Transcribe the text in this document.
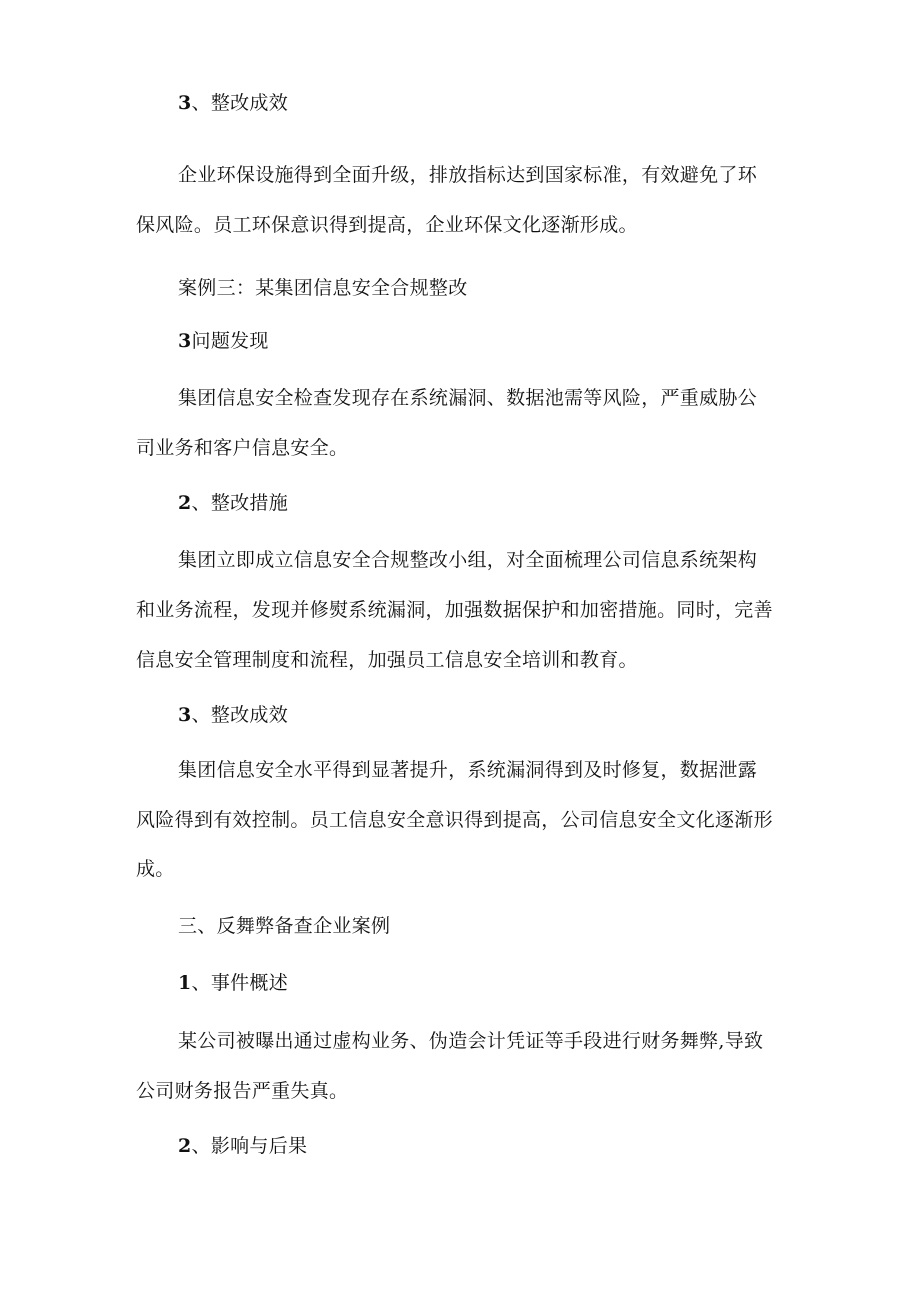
3、整改成效
企业环保设施得到全面升级，排放指标达到国家标准，有效避免了环
保风险。员工环保意识得到提高，企业环保文化逐渐形成。
案例三：某集团信息安全合规整改
3问题发现
集团信息安全检查发现存在系统漏洞、数据池需等风险，严重威胁公
司业务和客户信息安全。
2、整改措施
集团立即成立信息安全合规整改小组，对全面梳理公司信息系统架构
和业务流程，发现并修熨系统漏洞，加强数据保护和加密措施。同时，完善
信息安全管理制度和流程，加强员工信息安全培训和教育。
3、整改成效
集团信息安全水平得到显著提升，系统漏洞得到及时修复，数据泄露
风险得到有效控制。员工信息安全意识得到提高，公司信息安全文化逐渐形
成。
三、反舞弊备查企业案例
1、事件概述
某公司被曝出通过虚构业务、伪造会计凭证等手段进行财务舞弊,导致
公司财务报告严重失真。
2、影响与后果
